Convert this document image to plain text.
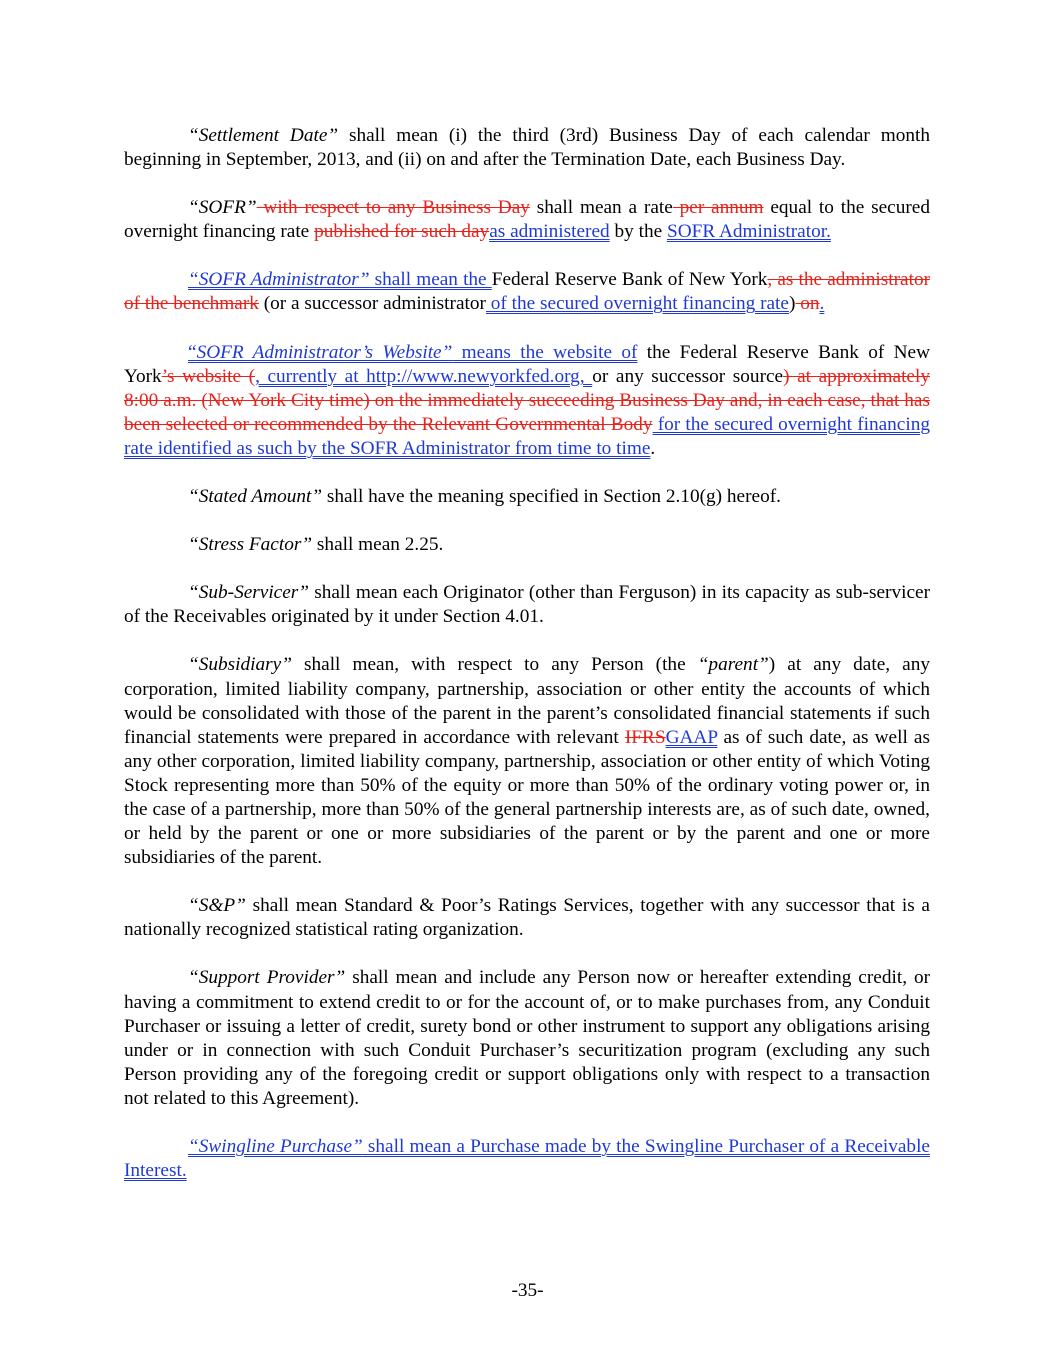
“Settlement Date” shall mean (i) the third (3rd) Business Day of each calendar month beginning in September, 2013, and (ii) on and after the Termination Date, each Business Day.

“SOFR” with respect to any Business Day shall mean a rate per annum equal to the secured overnight financing rate published for such dayas administered by the SOFR Administrator.

“SOFR Administrator” shall mean the Federal Reserve Bank of New York, as the administrator of the benchmark (or a successor administrator of the secured overnight financing rate) on.

“SOFR Administrator’s Website” means the website of the Federal Reserve Bank of New York’s website (, currently at http://www.newyorkfed.org, or any successor source) at approximately 8:00 a.m. (New York City time) on the immediately succeeding Business Day and, in each case, that has been selected or recommended by the Relevant Governmental Body for the secured overnight financing rate identified as such by the SOFR Administrator from time to time.

“Stated Amount” shall have the meaning specified in Section 2.10(g) hereof.

“Stress Factor” shall mean 2.25.

“Sub-Servicer” shall mean each Originator (other than Ferguson) in its capacity as sub-servicer of the Receivables originated by it under Section 4.01.

“Subsidiary” shall mean, with respect to any Person (the “parent”) at any date, any corporation, limited liability company, partnership, association or other entity the accounts of which would be consolidated with those of the parent in the parent’s consolidated financial statements if such financial statements were prepared in accordance with relevant IFRSGAAP as of such date, as well as any other corporation, limited liability company, partnership, association or other entity of which Voting Stock representing more than 50% of the equity or more than 50% of the ordinary voting power or, in the case of a partnership, more than 50% of the general partnership interests are, as of such date, owned, or held by the parent or one or more subsidiaries of the parent or by the parent and one or more subsidiaries of the parent.

“S&P” shall mean Standard & Poor’s Ratings Services, together with any successor that is a nationally recognized statistical rating organization.

“Support Provider” shall mean and include any Person now or hereafter extending credit, or having a commitment to extend credit to or for the account of, or to make purchases from, any Conduit Purchaser or issuing a letter of credit, surety bond or other instrument to support any obligations arising under or in connection with such Conduit Purchaser’s securitization program (excluding any such Person providing any of the foregoing credit or support obligations only with respect to a transaction not related to this Agreement).

“Swingline Purchase” shall mean a Purchase made by the Swingline Purchaser of a Receivable Interest.

-35-
